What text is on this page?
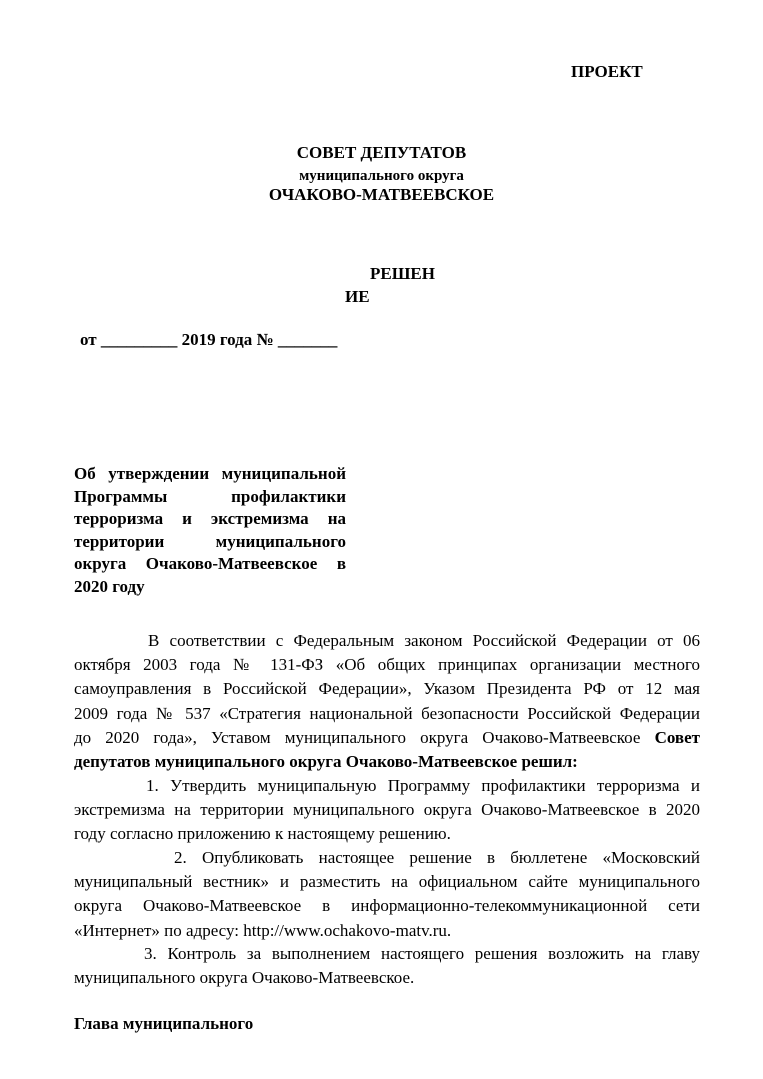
ПРОЕКТ
СОВЕТ ДЕПУТАТОВ
муниципального округа
ОЧАКОВО-МАТВЕЕВСКОЕ
РЕШЕН
ИЕ
от _________ 2019 года № _______
Об утверждении муниципальной
Программы профилактики
терроризма и экстремизма на
территории муниципального
округа Очаково-Матвеевское в
2020 году
В соответствии с Федеральным законом Российской Федерации от 06
октября 2003 года № 131-ФЗ «Об общих принципах организации местного
самоуправления в Российской Федерации», Указом Президента РФ от 12 мая
2009 года № 537 «Стратегия национальной безопасности Российской Федерации
до 2020 года», Уставом муниципального округа Очаково-Матвеевское Совет
депутатов муниципального округа Очаково-Матвеевское решил:
1. Утвердить муниципальную Программу профилактики терроризма и
экстремизма на территории муниципального округа Очаково-Матвеевское в 2020
году согласно приложению к настоящему решению.
2. Опубликовать настоящее решение в бюллетене «Московский
муниципальный вестник» и разместить на официальном сайте муниципального
округа Очаково-Матвеевское в информационно-телекоммуникационной сети
«Интернет» по адресу: http://www.ochakovo-matv.ru.
3. Контроль за выполнением настоящего решения возложить на главу
муниципального округа Очаково-Матвеевское.
Глава муниципального
